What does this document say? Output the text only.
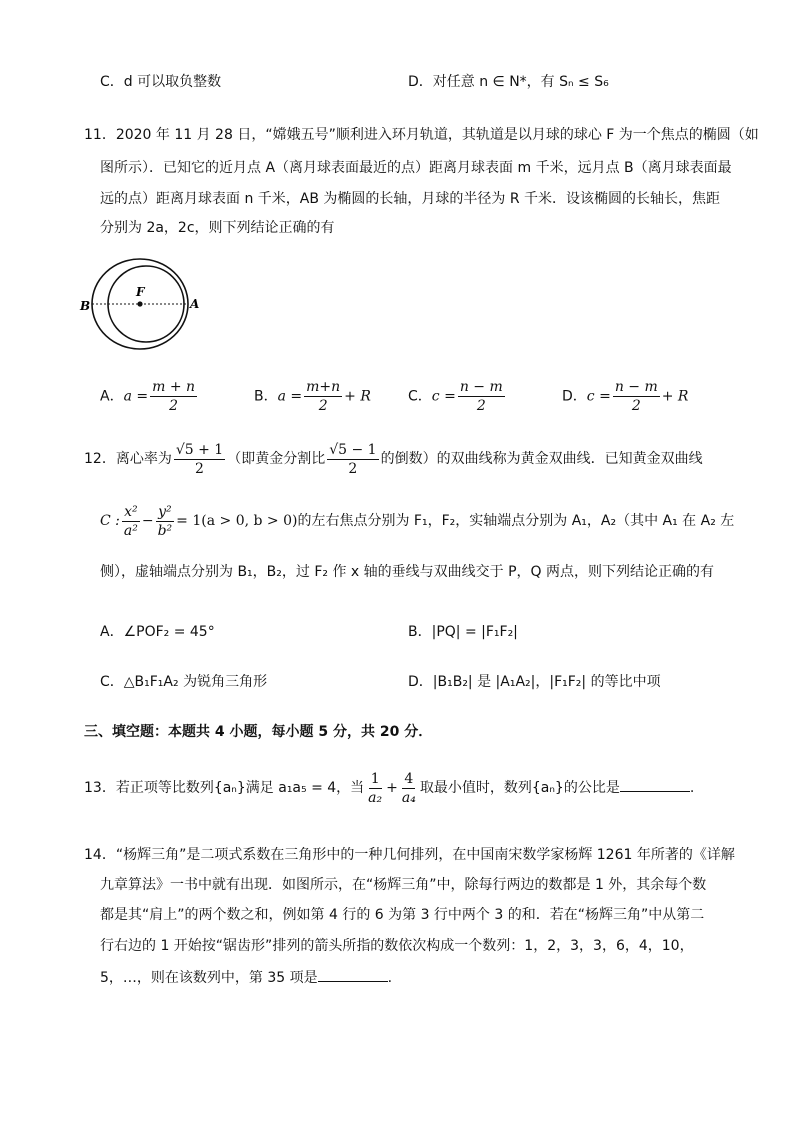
C．d 可以取负整数	D．对任意 n ∈ N*，有 Sₙ ≤ S₆
11．2020 年 11 月 28 日，“嫦娥五号”顺利进入环月轨道，其轨道是以月球的球心 F 为一个焦点的椭圆（如
图所示）．已知它的近月点 A（离月球表面最近的点）距离月球表面 m 千米，远月点 B（离月球表面最
远的点）距离月球表面 n 千米，AB 为椭圆的长轴，月球的半径为 R 千米．设该椭圆的长轴长，焦距
分别为 2a，2c，则下列结论正确的有
F
A
B
A．$a = \frac{m + n}{2}$	B．$a = \frac{m+n}{2} + R$	C．$c = \frac{n - m}{2}$	D．$c = \frac{n - m}{2} + R$
12．离心率为 $\frac{√5 + 1}{2}$ （即黄金分割比 $\frac{√5 - 1}{2}$ 的倒数）的双曲线称为黄金双曲线．已知黄金双曲线
C : $\frac{\text{x²}}{\text{a²}} - \frac{\text{y²}}{\text{b²}} = 1(a > 0$, b > 0)的左右焦点分别为 F₁，F₂，实轴端点分别为 A₁，A₂（其中 A₁ 在 A₂ 左
侧），虚轴端点分别为 B₁，B₂，过 F₂ 作 x 轴的垂线与双曲线交于 P，Q 两点，则下列结论正确的有
A．∠POF₂ = 45°	B．|PQ| = |F₁F₂|
C．△B₁F₁A₂ 为锐角三角形	D．|B₁B₂| 是 |A₁A₂|，|F₁F₂| 的等比中项
三、填空题：本题共 4 小题，每小题 5 分，共 20 分．
13．若正项等比数列{aₙ}满足 a₁a₅ = 4，当 $\frac{1}{\text{a₂}} + \frac{4}{\text{a₄}}$ 取最小值时，数列{aₙ}的公比是	.
14．“杨辉三角”是二项式系数在三角形中的一种几何排列，在中国南宋数学家杨辉 1261 年所著的《详解
九章算法》一书中就有出现．如图所示，在“杨辉三角”中，除每行两边的数都是 1 外，其余每个数
都是其“肩上”的两个数之和，例如第 4 行的 6 为第 3 行中两个 3 的和．若在“杨辉三角”中从第二
行右边的 1 开始按“锯齿形”排列的箭头所指的数依次构成一个数列：1，2，3，3，6，4，10，
5，…，则在该数列中，第 35 项是	.
